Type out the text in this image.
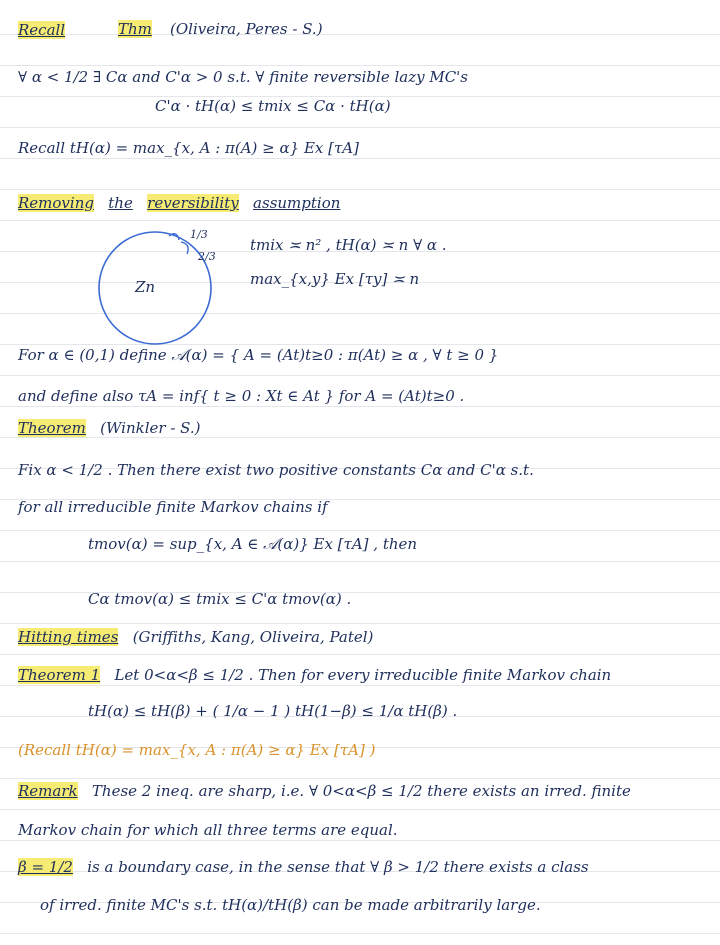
Recall	Thm (Oliveira, Peres - S.)
∀ α < 1/2 ∃ Cα and C'α > 0 s.t. ∀ finite reversible lazy MC's
C'α · tH(α) ≤ tmix ≤ Cα · tH(α)
Recall tH(α) = max_{x, A : π(A) ≥ α} Ex [τA]
Removing the reversibility assumption
Zn
1/3
2/3
tmix ≍ n² , tH(α) ≍ n ∀ α .
max_{x,y} Ex [τy] ≍ n
For α ∈ (0,1) define 𝒜(α) = { A = (At)t≥0 : π(At) ≥ α , ∀ t ≥ 0 }
and define also τA = inf{ t ≥ 0 : Xt ∈ At } for A = (At)t≥0 .
Theorem (Winkler - S.)
Fix α < 1/2 . Then there exist two positive constants Cα and C'α s.t.
for all irreducible finite Markov chains if
tmov(α) = sup_{x, A ∈ 𝒜(α)} Ex [τA] , then
Cα tmov(α) ≤ tmix ≤ C'α tmov(α) .
Hitting times (Griffiths, Kang, Oliveira, Patel)
Theorem 1 Let 0<α<β ≤ 1/2 . Then for every irreducible finite Markov chain
tH(α) ≤ tH(β) + ( 1/α − 1 ) tH(1−β) ≤ 1/α tH(β) .
(Recall tH(α) = max_{x, A : π(A) ≥ α} Ex [τA] )
Remark These 2 ineq. are sharp, i.e. ∀ 0<α<β ≤ 1/2 there exists an irred. finite
Markov chain for which all three terms are equal.
β = 1/2 is a boundary case, in the sense that ∀ β > 1/2 there exists a class
of irred. finite MC's s.t. tH(α)/tH(β) can be made arbitrarily large.
